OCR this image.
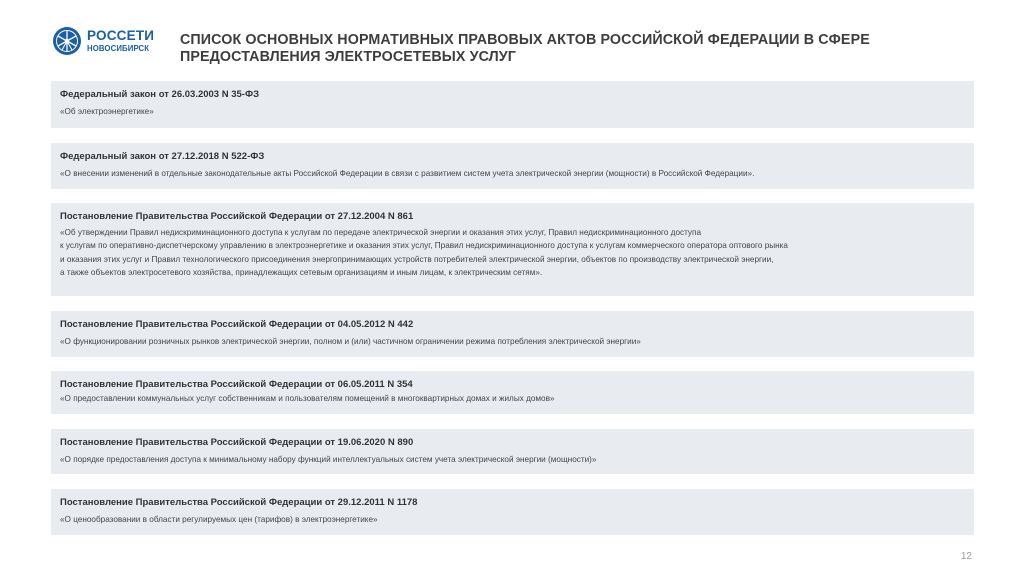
РОССЕТИ
НОВОСИБИРСК
СПИСОК ОСНОВНЫХ НОРМАТИВНЫХ ПРАВОВЫХ АКТОВ РОССИЙСКОЙ ФЕДЕРАЦИИ В СФЕРЕ ПРЕДОСТАВЛЕНИЯ ЭЛЕКТРОСЕТЕВЫХ УСЛУГ
Федеральный закон от 26.03.2003 N 35-ФЗ
«Об электроэнергетике»
Федеральный закон от 27.12.2018 N 522-ФЗ
«О внесении изменений в отдельные законодательные акты Российской Федерации в связи с развитием систем учета электрической энергии (мощности) в Российской Федерации».
Постановление Правительства Российской Федерации от 27.12.2004 N 861
«Об утверждении Правил недискриминационного доступа к услугам по передаче электрической энергии и оказания этих услуг, Правил недискриминационного доступа
к услугам по оперативно-диспетчерскому управлению в электроэнергетике и оказания этих услуг, Правил недискриминационного доступа к услугам коммерческого оператора оптового рынка
и оказания этих услуг и Правил технологического присоединения энергопринимающих устройств потребителей электрической энергии, объектов по производству электрической энергии,
а также объектов электросетевого хозяйства, принадлежащих сетевым организациям и иным лицам, к электрическим сетям».
Постановление Правительства Российской Федерации от 04.05.2012 N 442
«О функционировании розничных рынков электрической энергии, полном и (или) частичном ограничении режима потребления электрической энергии»
Постановление Правительства Российской Федерации от 06.05.2011 N 354
«О предоставлении коммунальных услуг собственникам и пользователям помещений в многоквартирных домах и жилых домов»
Постановление Правительства Российской Федерации от 19.06.2020 N 890
«О порядке предоставления доступа к минимальному набору функций интеллектуальных систем учета электрической энергии (мощности)»
Постановление Правительства Российской Федерации от 29.12.2011 N 1178
«О ценообразовании в области регулируемых цен (тарифов) в электроэнергетике»
12
